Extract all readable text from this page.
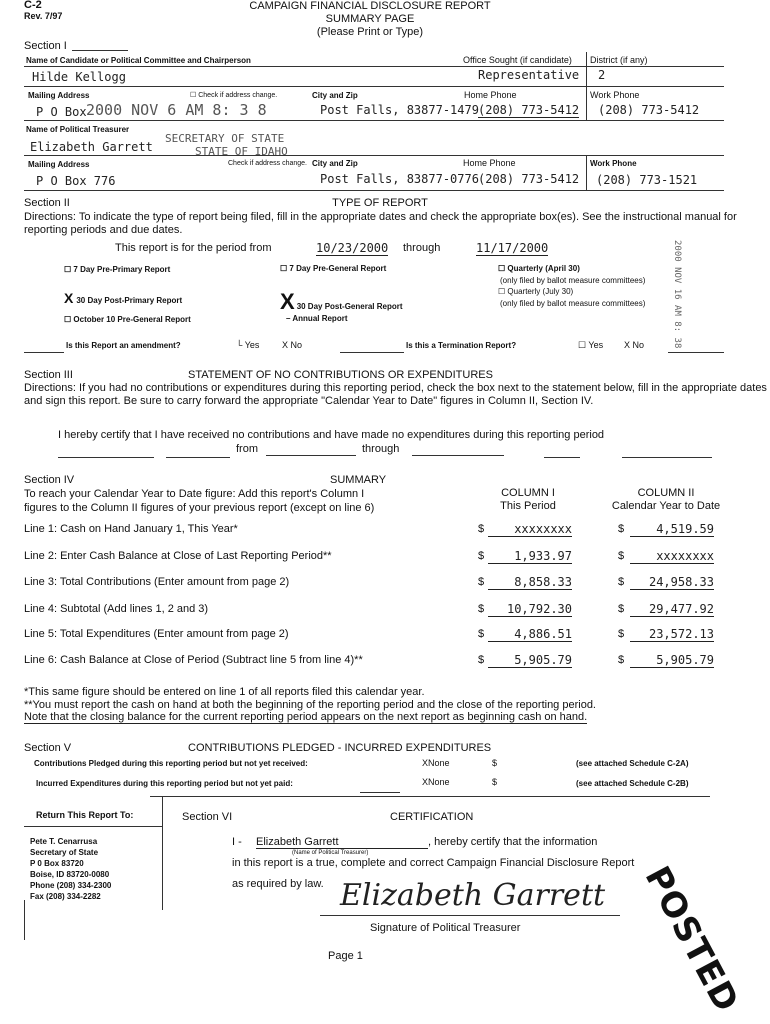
C-2
Rev. 7/97
CAMPAIGN FINANCIAL DISCLOSURE REPORT
SUMMARY PAGE
(Please Print or Type)
Section I
Name of Candidate or Political Committee and Chairperson	Office Sought (if candidate) District (if any)
Hilde Kellogg	Representative 2
Mailing Address	☐ Check if address change.	City and Zip	Home Phone	Work Phone
P O Box 2000 NOV 6 AM 8: 3 8	Post Falls, 83877-1479 (208) 773-5412 (208) 773-5412
Name of Political Treasurer
Elizabeth Garrett
SECRETARY OF STATE
STATE OF IDAHO
Mailing Address	Check if address change. City and Zip	Home Phone	Work Phone
P O Box 776	Post Falls, 83877-0776 (208) 773-5412 (208) 773-1521
Section II	TYPE OF REPORT
Directions: To indicate the type of report being filed, fill in the appropriate dates and check the appropriate box(es). See the instructional manual for reporting periods and due dates.
This report is for the period from	10/23/2000 through	11/17/2000	2000 NOV 16 AM 8: 38
☐ 7 Day Pre-Primary Report	☐ 7 Day Pre-General Report	☐ Quarterly (April 30)
(only filed by ballot measure committees)
X 30 Day Post-Primary Report	X 30 Day Post-General Report
☐ Quarterly (July 30)
(only filed by ballot measure committees)
☐ October 10 Pre-General Report	– Annual Report
Is this Report an amendment?	└ Yes	X No	Is this a Termination Report?	☐ Yes X No
Section III	STATEMENT OF NO CONTRIBUTIONS OR EXPENDITURES
Directions: If you had no contributions or expenditures during this reporting period, check the box next to the statement below, fill in the appropriate dates and sign this report. Be sure to carry forward the appropriate "Calendar Year to Date" figures in Column II, Section IV.
I hereby certify that I have received no contributions and have made no expenditures during this reporting period
from	through
Section IV	SUMMARY
To reach your Calendar Year to Date figure: Add this report's Column I
figures to the Column II figures of your previous report (except on line 6)
COLUMN I
This Period
COLUMN II
Calendar Year to Date
Line 1: Cash on Hand January 1, This Year*	$	xxxxxxxx	$	4,519.59
Line 2: Enter Cash Balance at Close of Last Reporting Period**	$	1,933.97	$	xxxxxxxx
Line 3: Total Contributions (Enter amount from page 2)	$	8,858.33	$	24,958.33
Line 4: Subtotal (Add lines 1, 2 and 3)	$	10,792.30	$	29,477.92
Line 5: Total Expenditures (Enter amount from page 2)	$	4,886.51	$	23,572.13
Line 6: Cash Balance at Close of Period (Subtract line 5 from line 4)**	$	5,905.79	$	5,905.79
*This same figure should be entered on line 1 of all reports filed this calendar year.
**You must report the cash on hand at both the beginning of the reporting period and the close of the reporting period.
Note that the closing balance for the current reporting period appears on the next report as beginning cash on hand.
Section V	CONTRIBUTIONS PLEDGED - INCURRED EXPENDITURES
Contributions Pledged during this reporting period but not yet received:	XNone	$	(see attached Schedule C-2A)
Incurred Expenditures during this reporting period but not yet paid:	XNone	$	(see attached Schedule C-2B)
Return This Report To:
Pete T. Cenarrusa
Secretary of State
P 0 Box 83720
Boise, ID 83720-0080
Phone (208) 334-2300
Fax (208) 334-2282
Section VI	CERTIFICATION
I - Elizabeth Garrett
(Name of Political Treasurer)
, hereby certify that the information
in this report is a true, complete and correct Campaign Financial Disclosure Report
as required by law. Elizabeth Garrett
Signature of Political Treasurer	POSTED
Page 1
